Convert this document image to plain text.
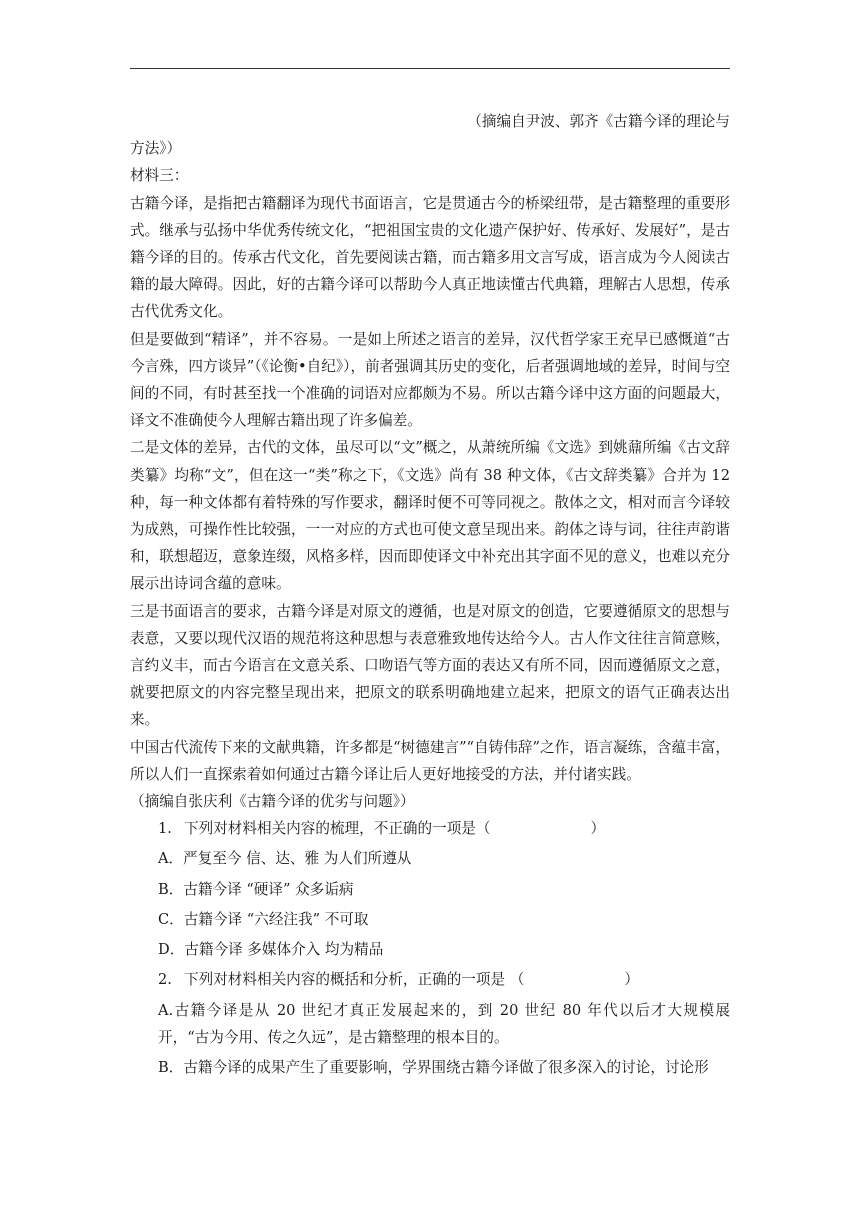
（摘编自尹波、郭齐《古籍今译的理论与

方法》）

材料三：

古籍今译，是指把古籍翻译为现代书面语言，它是贯通古今的桥梁纽带，是古籍整理的重要形式。继承与弘扬中华优秀传统文化，“把祖国宝贵的文化遗产保护好、传承好、发展好”，是古籍今译的目的。传承古代文化，首先要阅读古籍，而古籍多用文言写成，语言成为今人阅读古籍的最大障碍。因此，好的古籍今译可以帮助今人真正地读懂古代典籍，理解古人思想，传承古代优秀文化。

但是要做到“精译”，并不容易。一是如上所述之语言的差异，汉代哲学家王充早已感慨道“古今言殊，四方谈异”（《论衡•自纪》），前者强调其历史的变化，后者强调地域的差异，时间与空间的不同，有时甚至找一个准确的词语对应都颇为不易。所以古籍今译中这方面的问题最大，译文不准确使今人理解古籍出现了许多偏差。

二是文体的差异，古代的文体，虽尽可以“文”概之，从萧统所编《文选》到姚鼐所编《古文辞类纂》均称“文”，但在这一“类”称之下，《文选》尚有 38 种文体，《古文辞类纂》合并为 12 种，每一种文体都有着特殊的写作要求，翻译时便不可等同视之。散体之文，相对而言今译较为成熟，可操作性比较强，一一对应的方式也可使文意呈现出来。韵体之诗与词，往往声韵谐和，联想超迈，意象连缀，风格多样，因而即使译文中补充出其字面不见的意义，也难以充分展示出诗词含蕴的意味。

三是书面语言的要求，古籍今译是对原文的遵循，也是对原文的创造，它要遵循原文的思想与表意，又要以现代汉语的规范将这种思想与表意雅致地传达给今人。古人作文往往言简意赅，言约义丰，而古今语言在文意关系、口吻语气等方面的表达又有所不同，因而遵循原文之意，就要把原文的内容完整呈现出来，把原文的联系明确地建立起来，把原文的语气正确表达出来。

中国古代流传下来的文献典籍，许多都是“树德建言”“自铸伟辞”之作，语言凝练，含蕴丰富，所以人们一直探索着如何通过古籍今译让后人更好地接受的方法，并付诸实践。

（摘编自张庆利《古籍今译的优劣与问题》）

1. 下列对材料相关内容的梳理，不正确的一项是（	）

A．严复至今 信、达、雅 为人们所遵从

B．古籍今译 “硬译” 众多诟病

C．古籍今译 “六经注我” 不可取

D．古籍今译 多媒体介入 均为精品

2. 下列对材料相关内容的概括和分析，正确的一项是 （	）

A.古籍今译是从 20 世纪才真正发展起来的，到 20 世纪 80 年代以后才大规模展开，“古为今用、传之久远”，是古籍整理的根本目的。

B．古籍今译的成果产生了重要影响，学界围绕古籍今译做了很多深入的讨论，讨论形
